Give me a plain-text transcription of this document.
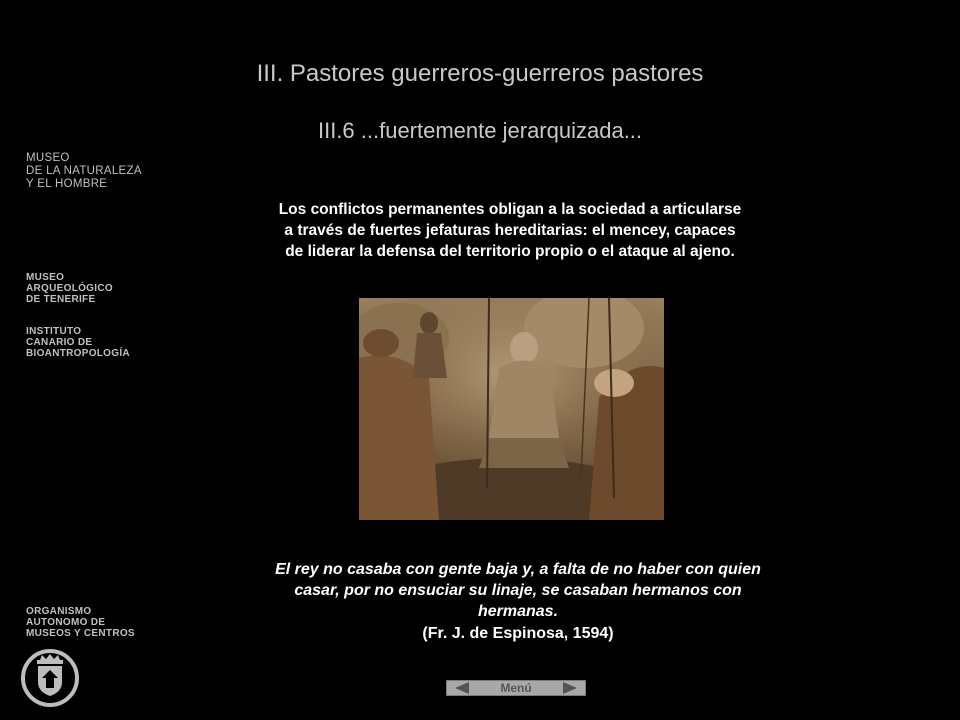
III. Pastores guerreros-guerreros pastores
III.6 ...fuertemente jerarquizada...
MUSEO
DE LA NATURALEZA
Y EL HOMBRE
MUSEO
ARQUEOLÓGICO
DE TENERIFE
INSTITUTO
CANARIO DE
BIOANTROPOLOGÍA
ORGANISMO
AUTONOMO DE
MUSEOS Y CENTROS
Los conflictos permanentes obligan a la sociedad a articularse
a través de fuertes jefaturas hereditarias: el mencey, capaces
de liderar la defensa del territorio propio o el ataque al ajeno.
El rey no casaba con gente baja y, a falta de no haber con quien
casar, por no ensuciar su linaje, se casaban hermanos con
hermanas.
(Fr. J. de Espinosa, 1594)
Menú
